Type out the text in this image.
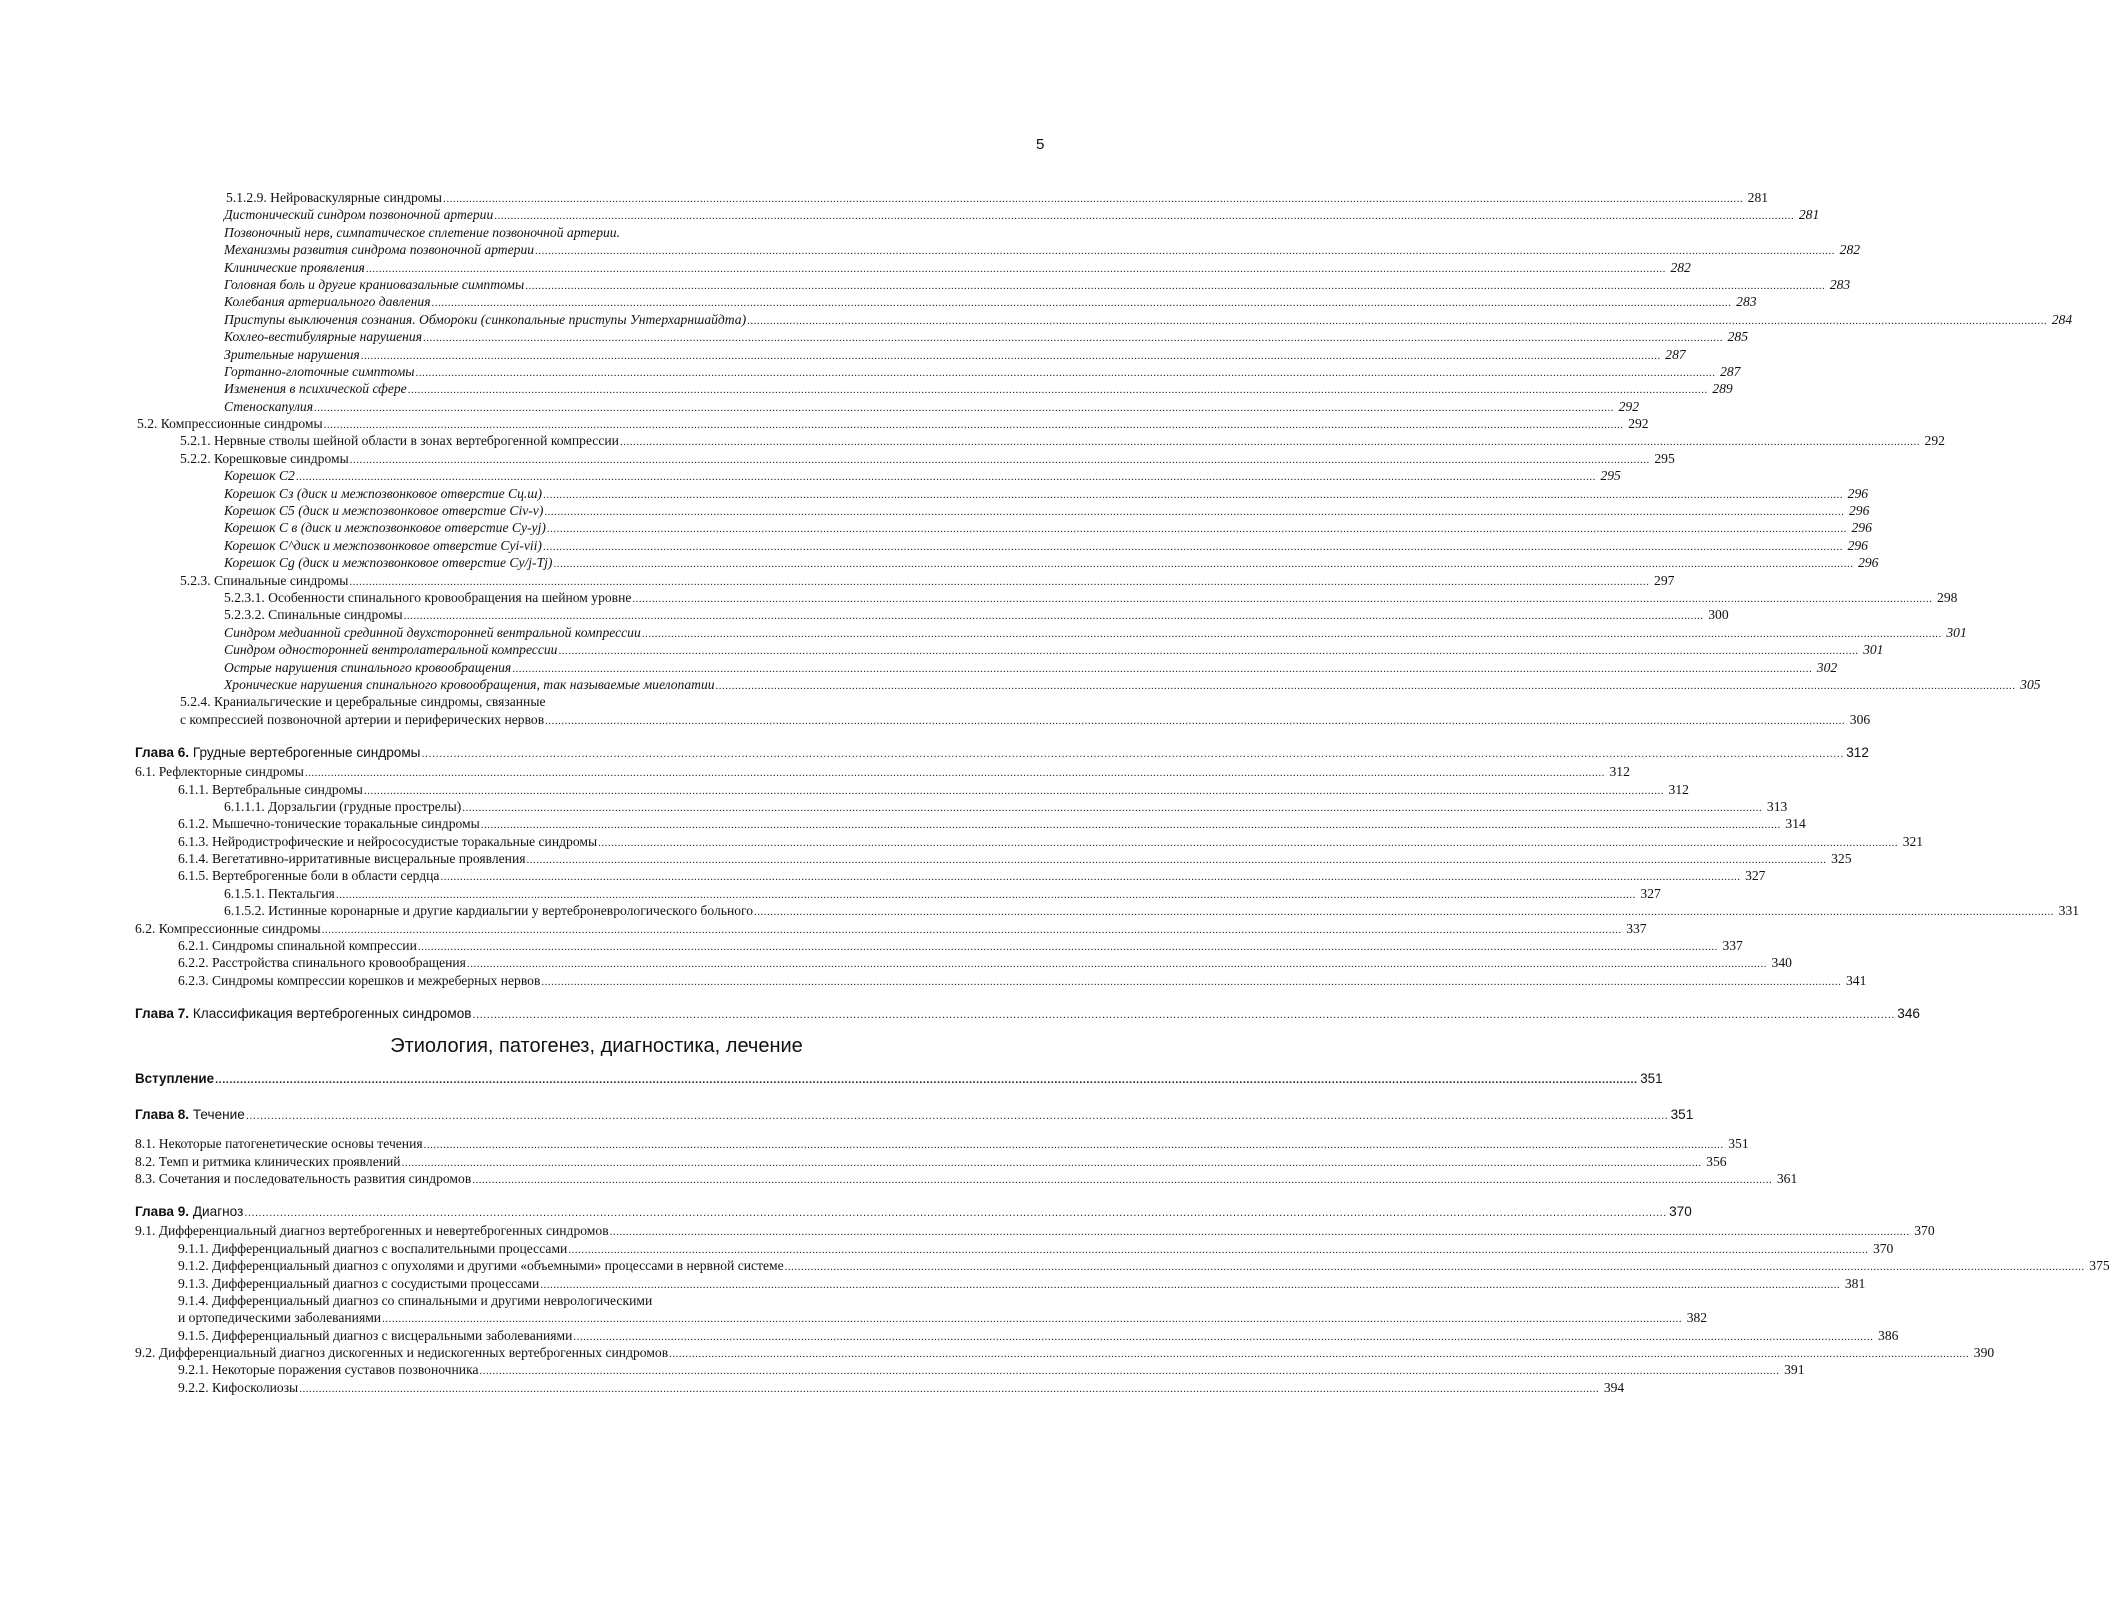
5
5.1.2.9. Нейроваскулярные синдромы ................................................................................................................................................................................................................................................................................................................................................................................................................ 281
Дистонический синдром позвоночной артерии ................................................................................................................................................................................................................................................................................................................................................................................................................ 281
Позвоночный нерв, симпатическое сплетение позвоночной артерии.
Механизмы развития синдрома позвоночной артерии ................................................................................................................................................................................................................................................................................................................................................................................................................ 282
Клинические проявления ................................................................................................................................................................................................................................................................................................................................................................................................................ 282
Головная боль и другие краниовазальные симптомы ................................................................................................................................................................................................................................................................................................................................................................................................................ 283
Колебания артериального давления ................................................................................................................................................................................................................................................................................................................................................................................................................ 283
Приступы выключения сознания. Обмороки (синкопальные приступы Унтерхарншайдта) ................................................................................................................................................................................................................................................................................................................................................................................................................ 284
Кохлео-вестибулярные нарушения ................................................................................................................................................................................................................................................................................................................................................................................................................ 285
Зрительные нарушения ................................................................................................................................................................................................................................................................................................................................................................................................................ 287
Гортанно-глоточные симптомы ................................................................................................................................................................................................................................................................................................................................................................................................................ 287
Изменения в психической сфере ................................................................................................................................................................................................................................................................................................................................................................................................................ 289
Стеноскапулия ................................................................................................................................................................................................................................................................................................................................................................................................................ 292
5.2. Компрессионные синдромы ................................................................................................................................................................................................................................................................................................................................................................................................................ 292
5.2.1. Нервные стволы шейной области в зонах вертеброгенной компрессии ................................................................................................................................................................................................................................................................................................................................................................................................................ 292
5.2.2. Корешковые синдромы ................................................................................................................................................................................................................................................................................................................................................................................................................ 295
Корешок С2 ................................................................................................................................................................................................................................................................................................................................................................................................................ 295
Корешок Сз (диск и межпозвонковое отверстие Сц.ш) ................................................................................................................................................................................................................................................................................................................................................................................................................ 296
Корешок С5 (диск и межпозвонковое отверстие Civ-v) ................................................................................................................................................................................................................................................................................................................................................................................................................ 296
Корешок С в (диск и межпозвонковое отверстие Cy-yj) ................................................................................................................................................................................................................................................................................................................................................................................................................ 296
Корешок С^диск и межпозвонковое отверстие Cyi-vii) ................................................................................................................................................................................................................................................................................................................................................................................................................ 296
Корешок Cg (диск и межпозвонковое отверстие Cy/j-Tj) ................................................................................................................................................................................................................................................................................................................................................................................................................ 296
5.2.3. Спинальные синдромы ................................................................................................................................................................................................................................................................................................................................................................................................................ 297
5.2.3.1. Особенности спинального кровообращения на шейном уровне ................................................................................................................................................................................................................................................................................................................................................................................................................ 298
5.2.3.2. Спинальные синдромы ................................................................................................................................................................................................................................................................................................................................................................................................................ 300
Синдром медианной срединной двухсторонней вентральной компрессии ................................................................................................................................................................................................................................................................................................................................................................................................................ 301
Синдром односторонней вентролатеральной компрессии ................................................................................................................................................................................................................................................................................................................................................................................................................ 301
Острые нарушения спинального кровообращения ................................................................................................................................................................................................................................................................................................................................................................................................................ 302
Хронические нарушения спинального кровообращения, так называемые миелопатии ................................................................................................................................................................................................................................................................................................................................................................................................................ 305
5.2.4. Краниальгические и церебральные синдромы, связанные
с компрессией позвоночной артерии и периферических нервов ................................................................................................................................................................................................................................................................................................................................................................................................................ 306
Глава 6. Грудные вертеброгенные синдромы ................................................................................................................................................................................................................................................................................................................................................................................................................ 312
6.1. Рефлекторные синдромы ................................................................................................................................................................................................................................................................................................................................................................................................................ 312
6.1.1. Вертебральные синдромы ................................................................................................................................................................................................................................................................................................................................................................................................................ 312
6.1.1.1. Дорзальгии (грудные прострелы) ................................................................................................................................................................................................................................................................................................................................................................................................................ 313
6.1.2. Мышечно-тонические торакальные синдромы ................................................................................................................................................................................................................................................................................................................................................................................................................ 314
6.1.3. Нейродистрофические и нейрососудистые торакальные синдромы ................................................................................................................................................................................................................................................................................................................................................................................................................ 321
6.1.4. Вегетативно-ирритативные висцеральные проявления ................................................................................................................................................................................................................................................................................................................................................................................................................ 325
6.1.5. Вертеброгенные боли в области сердца ................................................................................................................................................................................................................................................................................................................................................................................................................ 327
6.1.5.1. Пектальгия ................................................................................................................................................................................................................................................................................................................................................................................................................ 327
6.1.5.2. Истинные коронарные и другие кардиальгии у вертеброневрологического больного ................................................................................................................................................................................................................................................................................................................................................................................................................ 331
6.2. Компрессионные синдромы ................................................................................................................................................................................................................................................................................................................................................................................................................ 337
6.2.1. Синдромы спинальной компрессии ................................................................................................................................................................................................................................................................................................................................................................................................................ 337
6.2.2. Расстройства спинального кровообращения ................................................................................................................................................................................................................................................................................................................................................................................................................ 340
6.2.3. Синдромы компрессии корешков и межреберных нервов ................................................................................................................................................................................................................................................................................................................................................................................................................ 341
Глава 7. Классификация вертеброгенных синдромов ................................................................................................................................................................................................................................................................................................................................................................................................................ 346
Этиология, патогенез, диагностика, лечение
Вступление ................................................................................................................................................................................................................................................................................................................................................................................................................ 351
Глава 8. Течение ................................................................................................................................................................................................................................................................................................................................................................................................................ 351
8.1. Некоторые патогенетические основы течения ................................................................................................................................................................................................................................................................................................................................................................................................................ 351
8.2. Темп и ритмика клинических проявлений ................................................................................................................................................................................................................................................................................................................................................................................................................ 356
8.3. Сочетания и последовательность развития синдромов ................................................................................................................................................................................................................................................................................................................................................................................................................ 361
Глава 9. Диагноз ................................................................................................................................................................................................................................................................................................................................................................................................................ 370
9.1. Дифференциальный диагноз вертеброгенных и невертеброгенных синдромов ................................................................................................................................................................................................................................................................................................................................................................................................................ 370
9.1.1. Дифференциальный диагноз с воспалительными процессами ................................................................................................................................................................................................................................................................................................................................................................................................................ 370
9.1.2. Дифференциальный диагноз с опухолями и другими «объемными» процессами в нервной системе ................................................................................................................................................................................................................................................................................................................................................................................................................ 375
9.1.3. Дифференциальный диагноз с сосудистыми процессами ................................................................................................................................................................................................................................................................................................................................................................................................................ 381
9.1.4. Дифференциальный диагноз со спинальными и другими неврологическими
и ортопедическими заболеваниями ................................................................................................................................................................................................................................................................................................................................................................................................................ 382
9.1.5. Дифференциальный диагноз с висцеральными заболеваниями ................................................................................................................................................................................................................................................................................................................................................................................................................ 386
9.2. Дифференциальный диагноз дискогенных и недискогенных вертеброгенных синдромов ................................................................................................................................................................................................................................................................................................................................................................................................................ 390
9.2.1. Некоторые поражения суставов позвоночника ................................................................................................................................................................................................................................................................................................................................................................................................................ 391
9.2.2. Кифосколиозы ................................................................................................................................................................................................................................................................................................................................................................................................................ 394
